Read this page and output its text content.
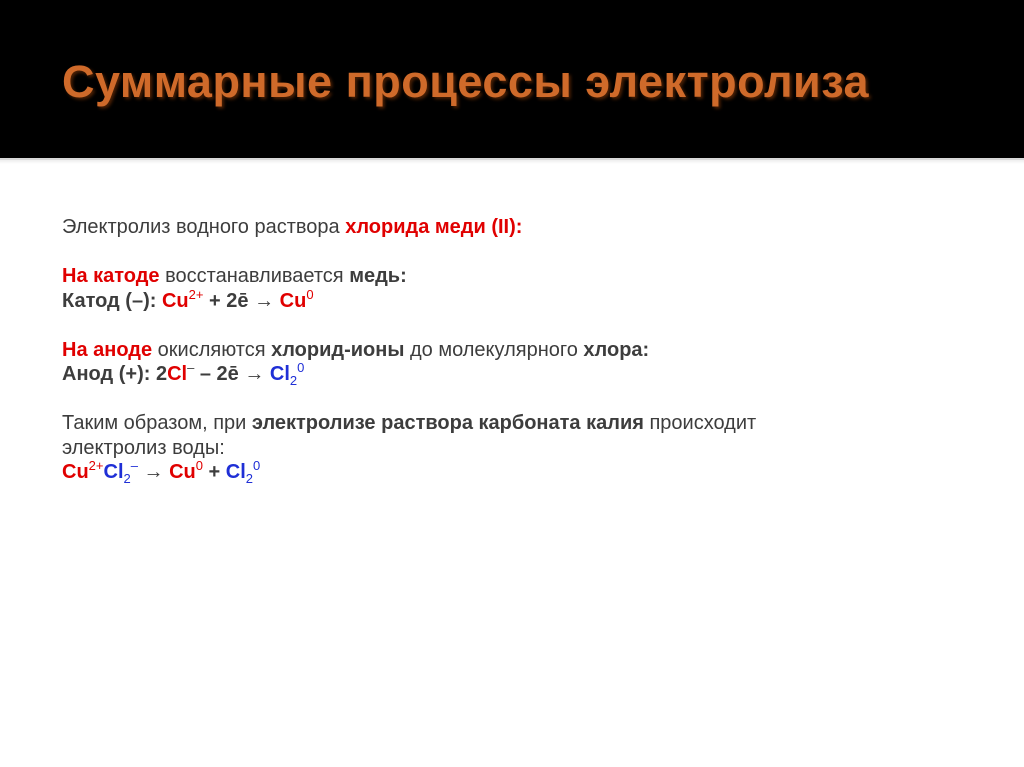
Суммарные процессы электролиза
Электролиз водного раствора хлорида меди (II):
На катоде восстанавливается медь:
Катод (–): $Cu^{2+}$ + 2ē → $Cu^0$
На аноде окисляются хлорид-ионы до молекулярного хлора:
Анод (+): 2Cl– – 2ē → $Cl_2^0$
Таким образом, при электролизе раствора карбоната калия происходит
электролиз воды:
$Cu^{2+}Cl_2^- \to Cu^0 + Cl_2^0$
